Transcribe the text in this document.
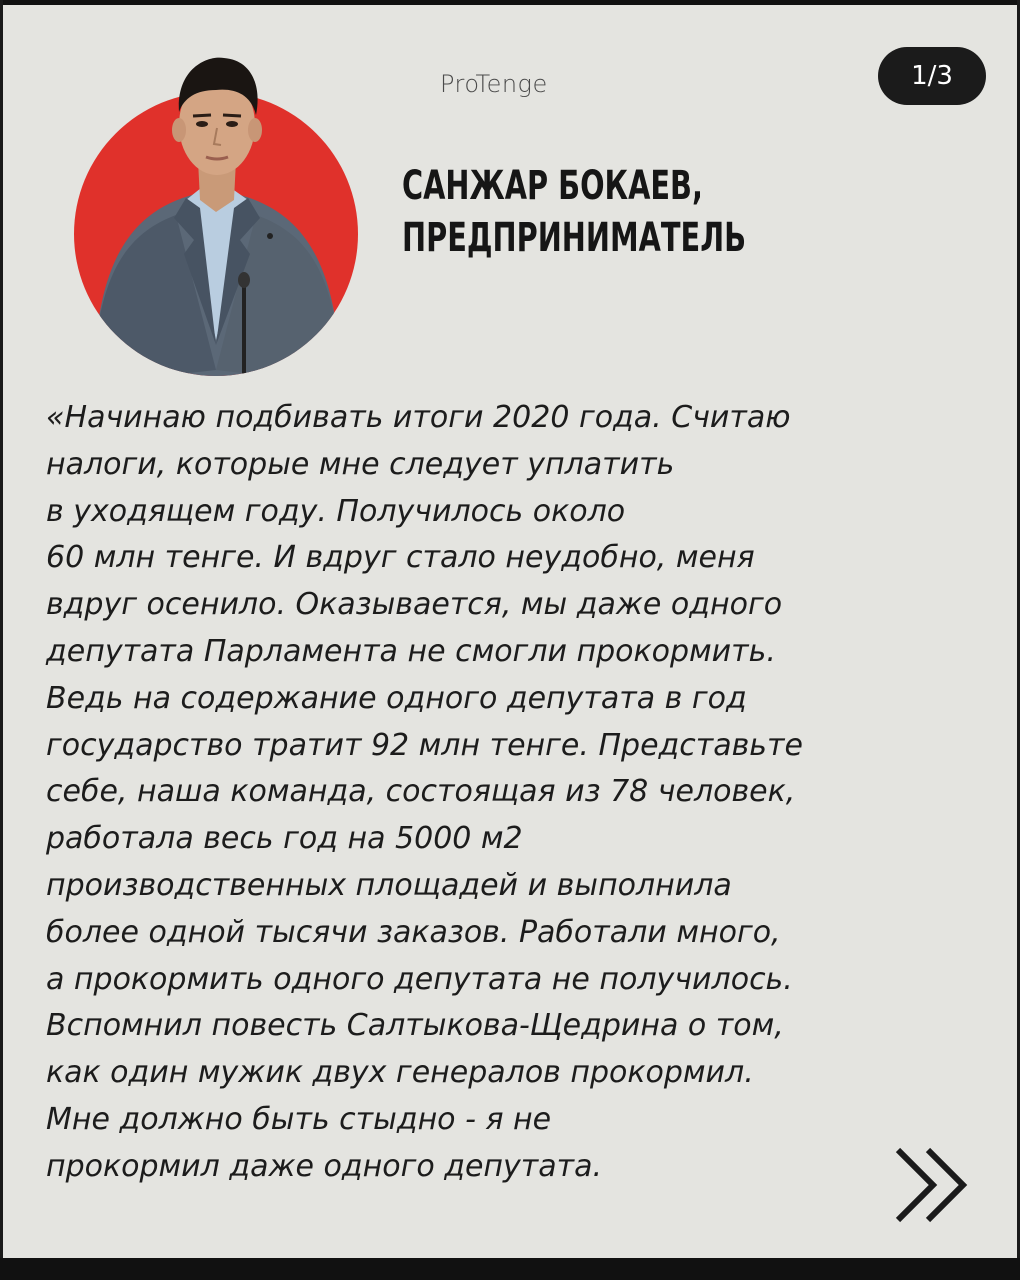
ProTenge	1/3
САНЖАР БОКАЕВ,
ПРЕДПРИНИМАТЕЛЬ
«Начинаю подбивать итоги 2020 года. Считаю
налоги, которые мне следует уплатить
в уходящем году. Получилось около
60 млн тенге. И вдруг стало неудобно, меня
вдруг осенило. Оказывается, мы даже одного
депутата Парламента не смогли прокормить.
Ведь на содержание одного депутата в год
государство тратит 92 млн тенге. Представьте
себе, наша команда, состоящая из 78 человек,
работала весь год на 5000 м2
производственных площадей и выполнила
более одной тысячи заказов. Работали много,
а прокормить одного депутата не получилось.
Вспомнил повесть Салтыкова-Щедрина о том,
как один мужик двух генералов прокормил.
Мне должно быть стыдно - я не
прокормил даже одного депутата.
